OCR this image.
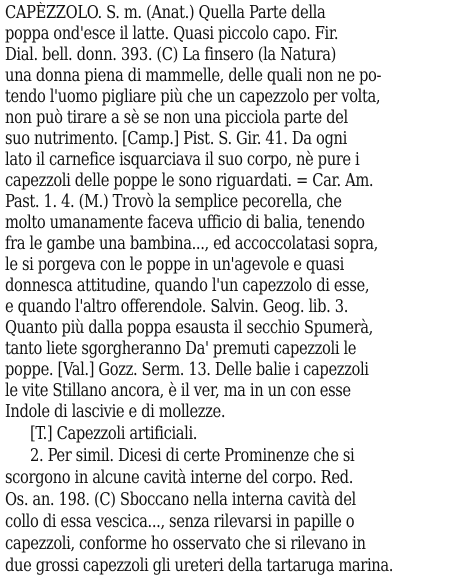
CAPÈZZOLO. S. m. (Anat.) Quella Parte della
poppa ond'esce il latte. Quasi piccolo capo. Fir.
Dial. bell. donn. 393. (C) La finsero (la Natura)
una donna piena di mammelle, delle quali non ne po-
tendo l'uomo pigliare più che un capezzolo per volta,
non può tirare a sè se non una picciola parte del
suo nutrimento. [Camp.] Pist. S. Gir. 41. Da ogni
lato il carnefice isquarciava il suo corpo, nè pure i
capezzoli delle poppe le sono riguardati. = Car. Am.
Past. 1. 4. (M.) Trovò la semplice pecorella, che
molto umanamente faceva ufficio di balia, tenendo
fra le gambe una bambina..., ed accoccolatasi sopra,
le si porgeva con le poppe in un'agevole e quasi
donnesca attitudine, quando l'un capezzolo di esse,
e quando l'altro offerendole. Salvin. Geog. lib. 3.
Quanto più dalla poppa esausta il secchio Spumerà,
tanto liete sgorgheranno Da' premuti capezzoli le
poppe. [Val.] Gozz. Serm. 13. Delle balie i capezzoli
le vite Stillano ancora, è il ver, ma in un con esse
Indole di lascivie e di mollezze.
[T.] Capezzoli artificiali.
2. Per simil. Dicesi di certe Prominenze che si
scorgono in alcune cavità interne del corpo. Red.
Os. an. 198. (C) Sboccano nella interna cavità del
collo di essa vescica..., senza rilevarsi in papille o
capezzoli, conforme ho osservato che si rilevano in
due grossi capezzoli gli ureteri della tartaruga marina.
